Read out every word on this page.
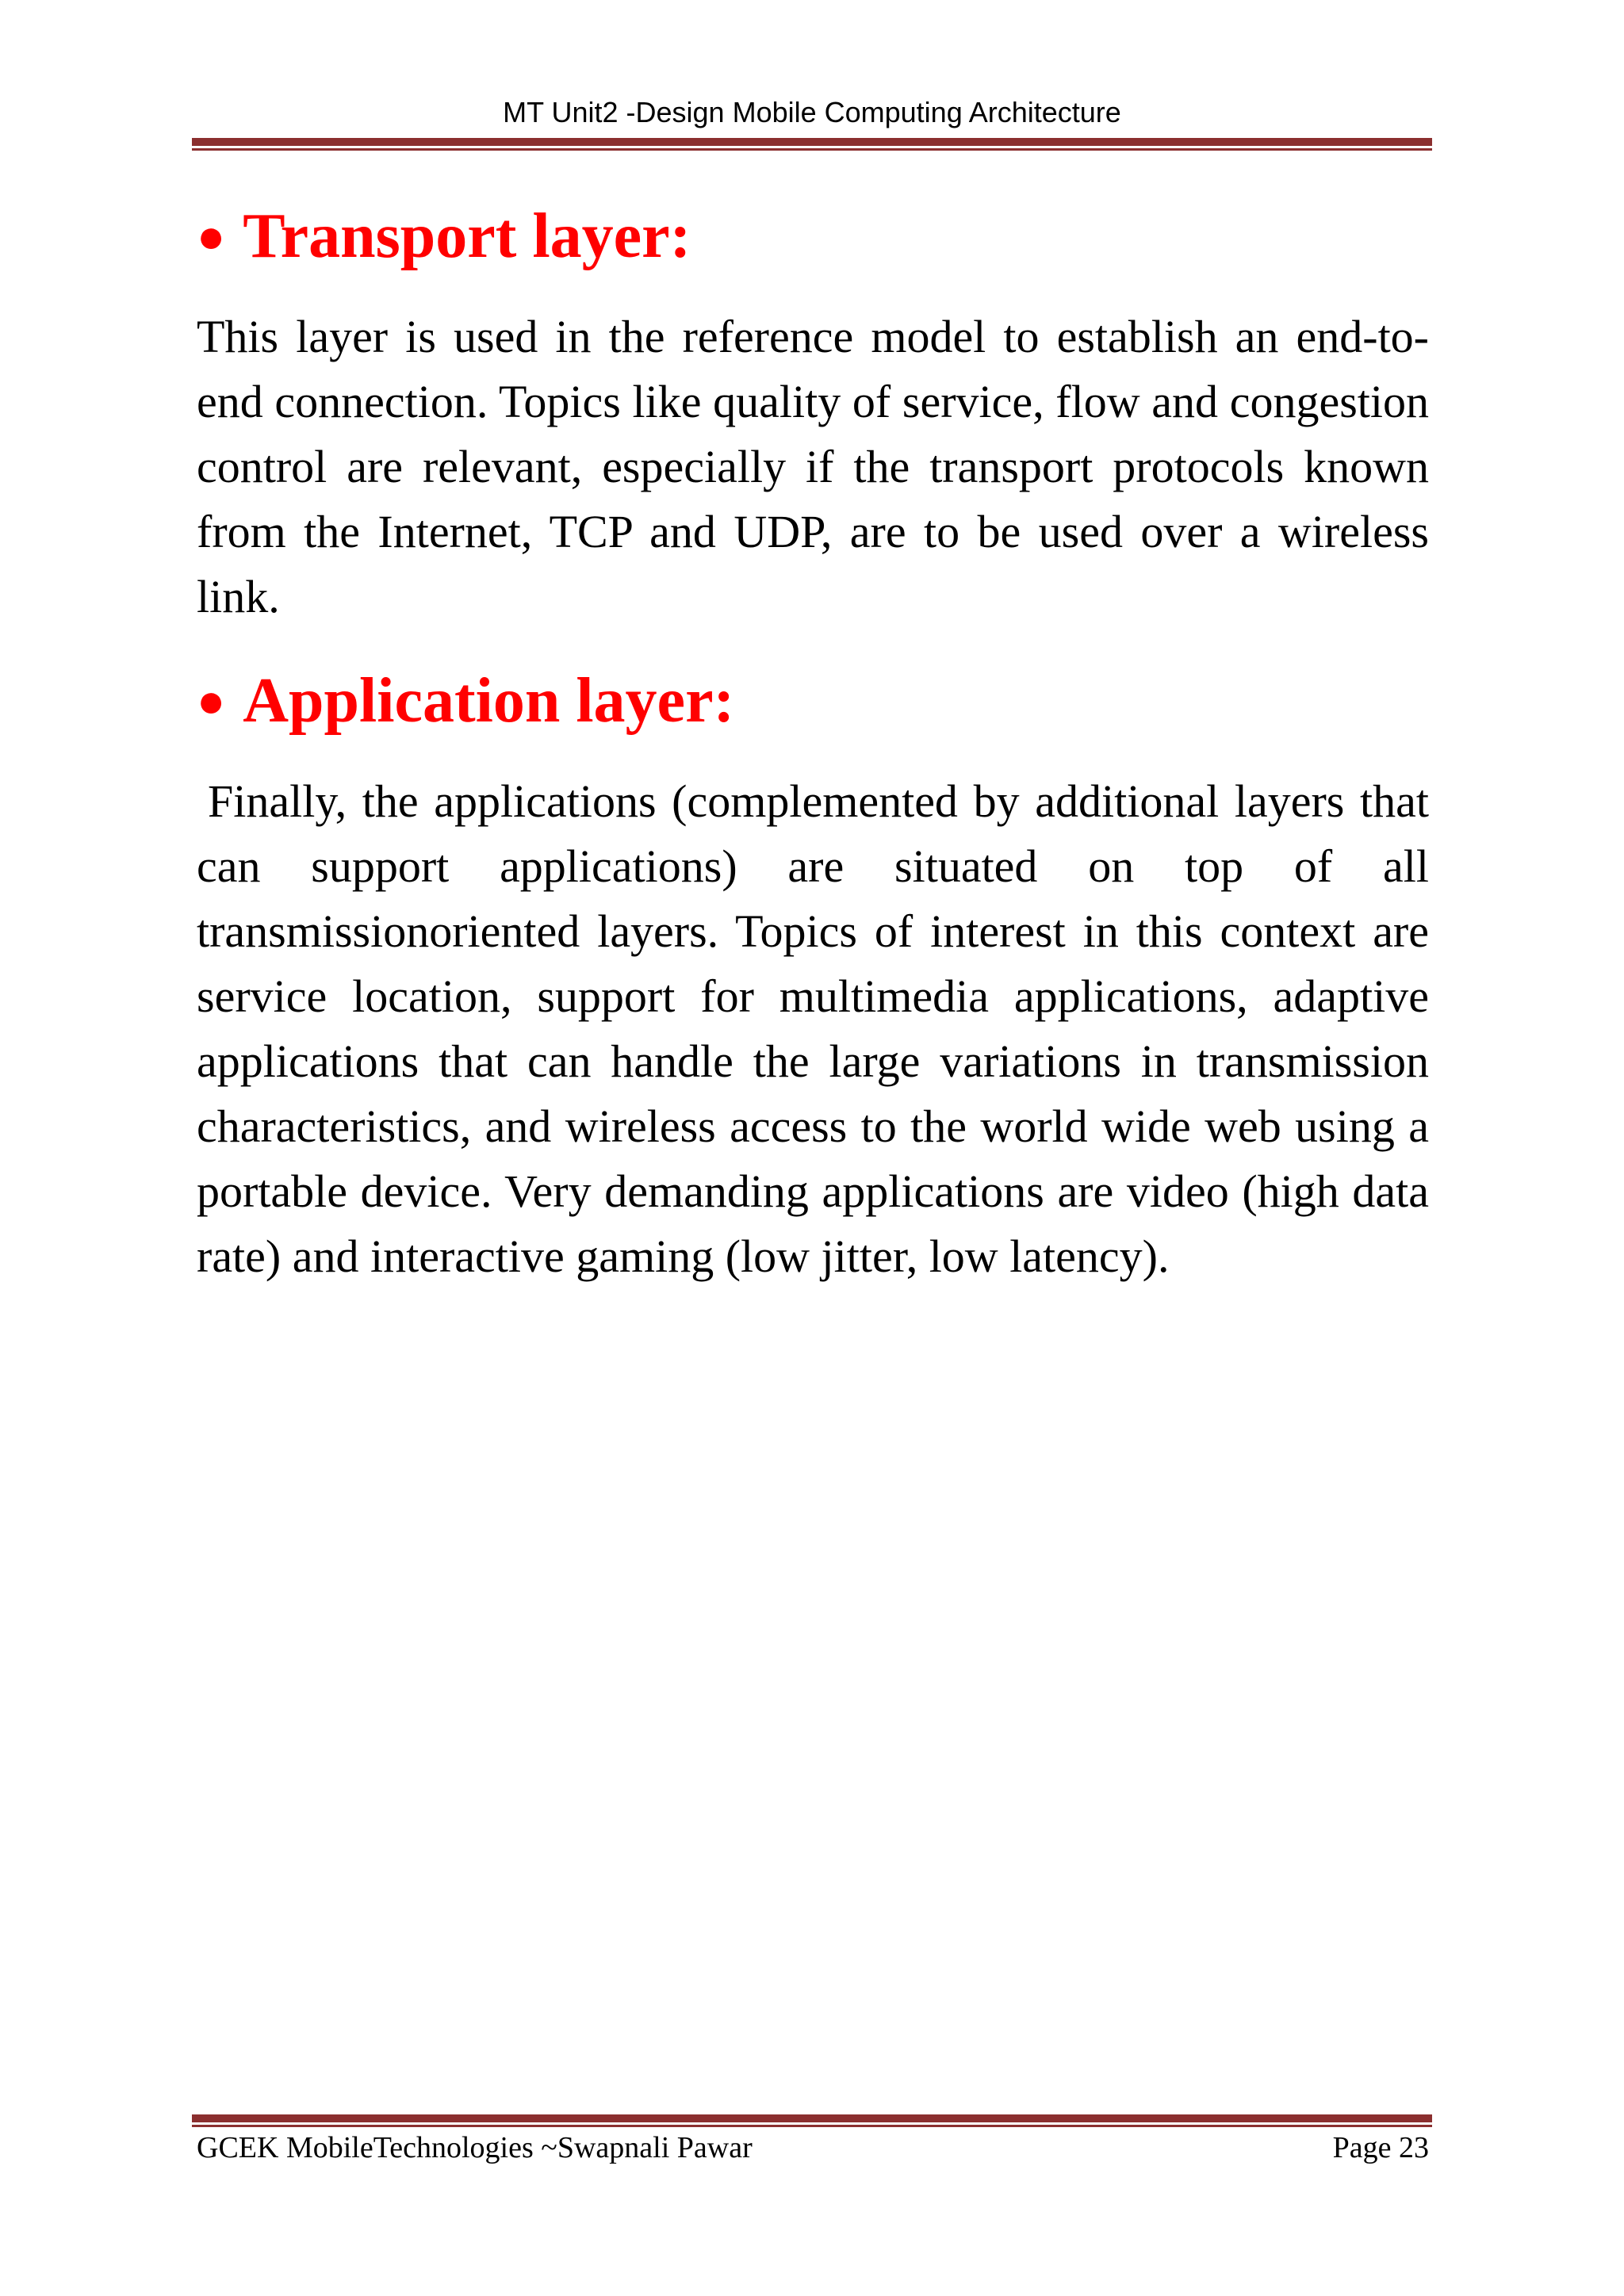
MT Unit2 -Design Mobile Computing Architecture
● Transport layer:

This layer is used in the reference model to establish an end-to-end connection. Topics like quality of service, flow and congestion control are relevant, especially if the transport protocols known from the Internet, TCP and UDP, are to be used over a wireless link.

● Application layer:

Finally, the applications (complemented by additional layers that can support applications) are situated on top of all transmissionoriented layers. Topics of interest in this context are service location, support for multimedia applications, adaptive applications that can handle the large variations in transmission characteristics, and wireless access to the world wide web using a portable device. Very demanding applications are video (high data rate) and interactive gaming (low jitter, low latency).

GCEK MobileTechnologies ~Swapnali Pawar	Page 23
